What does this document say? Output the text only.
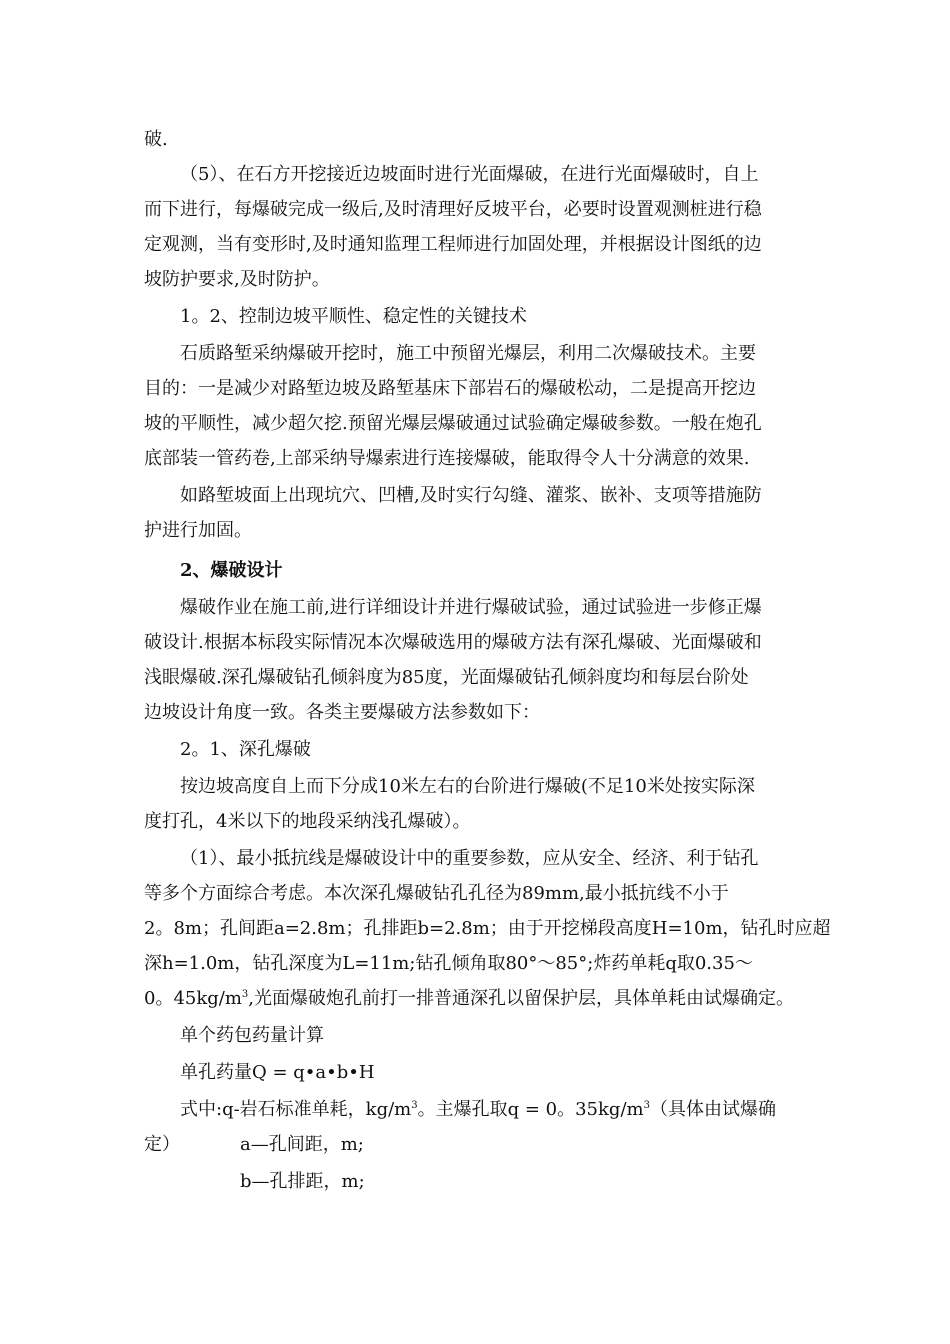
破.
（5）、在石方开挖接近边坡面时进行光面爆破，在进行光面爆破时，自上
而下进行，每爆破完成一级后,及时清理好反坡平台，必要时设置观测桩进行稳
定观测，当有变形时,及时通知监理工程师进行加固处理，并根据设计图纸的边
坡防护要求,及时防护。
1。2、控制边坡平顺性、稳定性的关键技术
石质路堑采纳爆破开挖时，施工中预留光爆层，利用二次爆破技术。主要
目的：一是减少对路堑边坡及路堑基床下部岩石的爆破松动，二是提高开挖边
坡的平顺性，减少超欠挖.预留光爆层爆破通过试验确定爆破参数。一般在炮孔
底部装一管药卷,上部采纳导爆索进行连接爆破，能取得令人十分满意的效果.
如路堑坡面上出现坑穴、凹槽,及时实行勾缝、灌浆、嵌补、支项等措施防
护进行加固。
2、爆破设计
爆破作业在施工前,进行详细设计并进行爆破试验，通过试验进一步修正爆
破设计.根据本标段实际情况本次爆破选用的爆破方法有深孔爆破、光面爆破和
浅眼爆破.深孔爆破钻孔倾斜度为85度，光面爆破钻孔倾斜度均和每层台阶处
边坡设计角度一致。各类主要爆破方法参数如下：
2。1、深孔爆破
按边坡高度自上而下分成10米左右的台阶进行爆破(不足10米处按实际深
度打孔，4米以下的地段采纳浅孔爆破）。
（1）、最小抵抗线是爆破设计中的重要参数，应从安全、经济、利于钻孔
等多个方面综合考虑。本次深孔爆破钻孔孔径为89mm,最小抵抗线不小于
2。8m；孔间距a=2.8m；孔排距b=2.8m；由于开挖梯段高度H=10m，钻孔时应超
深h=1.0m，钻孔深度为L=11m;钻孔倾角取80°～85°;炸药单耗q取0.35～
0。$45kg/m^3$,光面爆破炮孔前打一排普通深孔以留保护层，具体单耗由试爆确定。
单个药包药量计算
单孔药量Q = q•a•b•H
式中:q-岩石标准单耗，$kg/m^3$。主爆孔取q = 0。$35kg/m^3$（具体由试爆确
定）	a—孔间距，m;
b—孔排距，m;
